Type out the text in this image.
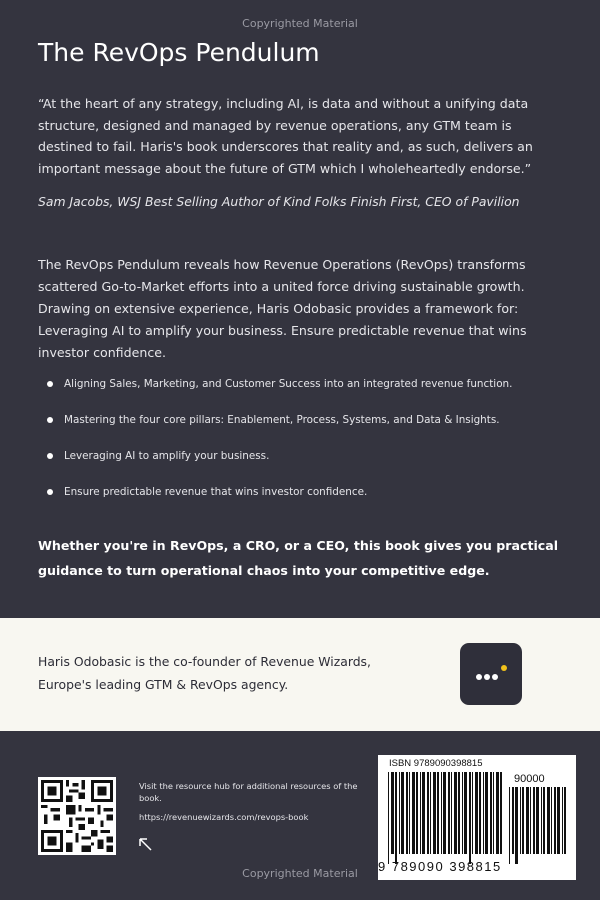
Copyrighted Material
The RevOps Pendulum

“At the heart of any strategy, including AI, is data and without a unifying data structure, designed and managed by revenue operations, any GTM team is destined to fail. Haris's book underscores that reality and, as such, delivers an important message about the future of GTM which I wholeheartedly endorse.”

Sam Jacobs, WSJ Best Selling Author of Kind Folks Finish First, CEO of Pavilion

The RevOps Pendulum reveals how Revenue Operations (RevOps) transforms scattered Go-to-Market efforts into a united force driving sustainable growth. Drawing on extensive experience, Haris Odobasic provides a framework for: Leveraging AI to amplify your business. Ensure predictable revenue that wins investor confidence.

Aligning Sales, Marketing, and Customer Success into an integrated revenue function.
Mastering the four core pillars: Enablement, Process, Systems, and Data & Insights.
Leveraging AI to amplify your business.
Ensure predictable revenue that wins investor confidence.

Whether you're in RevOps, a CRO, or a CEO, this book gives you practical guidance to turn operational chaos into your competitive edge.

Haris Odobasic is the co-founder of Revenue Wizards, Europe's leading GTM & RevOps agency.

Visit the resource hub for additional resources of the book.

https://revenuewizards.com/revops-book
ISBN 9789090398815
90000
9 789090 398815
Copyrighted Material
